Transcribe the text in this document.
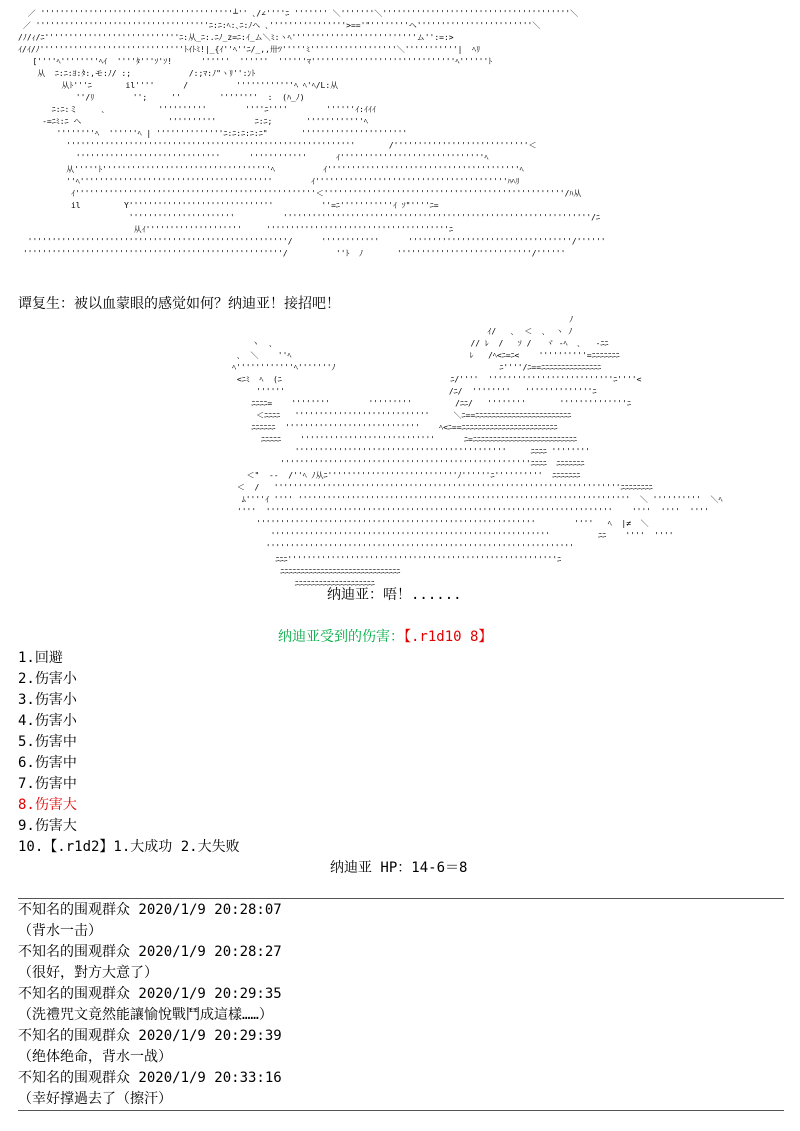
／ ''''''''''''''''''''''''''''''''''''''''┴'' ､/∠''''ﾆ ''''''' ＼'''''''＼'''''''''''''''''''''''''''''''''''''''＼
／ ''''''''''''''''''''''''''''''''''''ﾆ:ﾆ:ﾍ:､ﾆ:ﾉヘ ､''''''''''''''''>=='"''''''''ヘ''''''''''''''''''''''''＼
/ﾉ/ｨ/ﾆ''''''''''''''''''''''''''''ﾆ:从_ﾆ:.ﾆﾉ_z=ﾆ:ｲ_ム＼ﾐ:ヽﾍ''''''''''''''''''''''''''ム'':=:>
ｲ/ｲ/ﾉ''''''''''''''''''''''''''''''ﾄｲﾄﾐ!|_{ｲ''ﾍ''ﾆ/_,,卅ﾂ'''''ﾐ''''''''''''''''''＼'''''''''''|  ﾍﾘ
[''''ﾍ''''''''ﾍｲ  ''''ﾀ'''ｿ'ｿ!      ''''''  ''''''  ''''''ﾏ''''''''''''''''''''''''''''''ﾍ''''''ﾄ
从  ﾆ:ﾆ:ﾖ:ﾀ:,モ:ﾉ/ :;            /:;ﾏ:ﾉ"ヽﾘ'':ﾝﾄ
从ﾄ'''ﾆ       il''''      /          ''''''''''''ﾍ ﾍ'ﾍ/L:从
''/ﾘ        '';     ''        ''''''''  :  (ﾊ_ﾉ)
ﾆ:ﾆ:ミ     ､           ''''''''''        ''''ﾆ''''        ''''''ｲ:ｲｲｲ
-=ﾆﾐ:ﾆ ヘ                  ''''''''''        ﾆ:ﾆ;       ''''''''''''ﾍ
''''''''ﾍ  ''''''ﾍ | ''''''''''''''ﾆ:ﾆ:ﾆ:ﾆ:ﾆ"       ''''''''''''''''''''''
''''''''''''''''''''''''''''''''''''''''''''''''''''''''''''       /''''''''''''''''''''''''''''＜
''''''''''''''''''''''''''''''      ''''''''''''      ｲ''''''''''''''''''''''''''''''ﾍ
从'''''ﾄ'''''''''''''''''''''''''''''''''''ﾍ          ｲ''''''''''''''''''''''''''''''''''''''''ﾍ
''ﾍ''''''''''''''''''''''''''''''''''''''''        ｲ''''''''''''''''''''''''''''''''''''''''ﾊﾍﾘ
ｲ''''''''''''''''''''''''''''''''''''''''''''''''''＜''''''''''''''''''''''''''''''''''''''''''''''''''/ﾊ从
il         Y''''''''''''''''''''''''''''''          ''=ﾆ'''''''''''ｲ ｿ"''''ﾆ=
''''''''''''''''''''''          ''''''''''''''''''''''''''''''''''''''''''''''''''''''''''''''''/ﾆ
从ｲ''''''''''''''''''''     ''''''''''''''''''''''''''''''''''''''ﾆ
''''''''''''''''''''''''''''''''''''''''''''''''''''''/      ''''''''''''      ''''''''''''''''''''''''''''''''''/''''''
''''''''''''''''''''''''''''''''''''''''''''''''''''''/          ''ﾄ  ﾉ       ''''''''''''''''''''''''''''/''''''
谭复生：被以血蒙眼的感觉如何？纳迪亚！接招吧！
ﾉ
ｲ/   ､  ＜  ､  ヽ ﾉ
ヽ  ､                                         // ﾚ  /   ｿ /   ヾ -ﾍ  ､   -ﾆﾆ
､  ＼    ''ﾍ                                     ﾚ   /ﾍ<ﾆ=ﾆ<    ''''''''''=ﾆﾆﾆﾆﾆﾆﾆ
ﾍ''''''''''''ﾍ'''''''ﾉ                                  ﾆ''''/ﾆ==ﾆﾆﾆﾆﾆﾆﾆﾆﾆﾆﾆﾆﾆﾆﾆ
<ﾆﾐ  ﾍ  (ﾆ                                   ﾆ/''''  ''''''''''''''''''''''''''ﾆ''''<
''''''                                  /ﾆ/  ''''''''   ''''''''''''''ﾆ
ﾆﾆﾆﾆ=    ''''''''        '''''''''         /ﾆﾆ/   ''''''''       ''''''''''''''ﾆ
＜ﾆﾆﾆﾆ   ''''''''''''''''''''''''''''     ＼ﾆ==ﾆﾆﾆﾆﾆﾆﾆﾆﾆﾆﾆﾆﾆﾆﾆﾆﾆﾆﾆﾆﾆﾆﾆﾆ
ﾆﾆﾆﾆﾆﾆ  ''''''''''''''''''''''''''''    ﾍ<ﾆ==ﾆﾆﾆﾆﾆﾆﾆﾆﾆﾆﾆﾆﾆﾆﾆﾆﾆﾆﾆﾆﾆﾆﾆﾆ
ﾆﾆﾆﾆﾆ    ''''''''''''''''''''''''''''      ﾆ=ﾆﾆﾆﾆﾆﾆﾆﾆﾆﾆﾆﾆﾆﾆﾆﾆﾆﾆﾆﾆﾆﾆﾆﾆﾆﾆ
''''''''''''''''''''''''''''''''''''''''''''     ﾆﾆﾆﾆ ''''''''
''''''''''''''''''''''''''''''''''''''''''''''''''''ﾆﾆﾆﾆ  ﾆﾆﾆﾆﾆﾆﾆ
＜"  --  /''ﾍ ﾉ从ﾆ'''''''''''''''''''''''''''ﾉ''''''ﾆ''''''''''  ﾆﾆﾆﾆﾆﾆﾆ
＜  /   ''''''''''''''''''''''''''''''''''''''''''''''''''''''''''''''''''''''''ﾆﾆﾆﾆﾆﾆﾆﾆ
ﾑ''''ｲ '''' '''''''''''''''''''''''''''''''''''''''''''''''''''''''''''''''''''''  ＼ ''''''''''  ＼ﾍ
''''  ''''''''''''''''''''''''''''''''''''''''''''''''''''''''''''''''''''''''    ''''  ''''  ''''
''''''''''''''''''''''''''''''''''''''''''''''''''''''''''        ''''   ﾍ  |≠  ＼
''''''''''''''''''''''''''''''''''''''''''''''''''''''''''          ﾆﾆ    ''''  ''''
''''''''''''''''''''''''''''''''''''''''''''''''''''''''''''''''
ﾆﾆﾆ''''''''''''''''''''''''''''''''''''''''''''''''''''''''ﾆ
ﾆﾆﾆﾆﾆﾆﾆﾆﾆﾆﾆﾆﾆﾆﾆﾆﾆﾆﾆﾆﾆﾆﾆﾆﾆﾆﾆﾆﾆﾆ
ﾆﾆﾆﾆﾆﾆﾆﾆﾆﾆﾆﾆﾆﾆﾆﾆﾆﾆﾆﾆ
纳迪亚：唔！......
纳迪亚受到的伤害：【.r1d10 8】
1.回避
2.伤害小
3.伤害小
4.伤害小
5.伤害中
6.伤害中
7.伤害中
8.伤害大
9.伤害大
10.【.r1d2】1.大成功 2.大失败
纳迪亚 HP：14-6＝8
不知名的围观群众 2020/1/9 20:28:07
（背水一击）
不知名的围观群众 2020/1/9 20:28:27
（很好，對方大意了）
不知名的围观群众 2020/1/9 20:29:35
（洗禮咒文竟然能讓愉悅戰鬥成這樣……）
不知名的围观群众 2020/1/9 20:29:39
（绝体绝命，背水一战）
不知名的围观群众 2020/1/9 20:33:16
（幸好撑過去了（擦汗）
